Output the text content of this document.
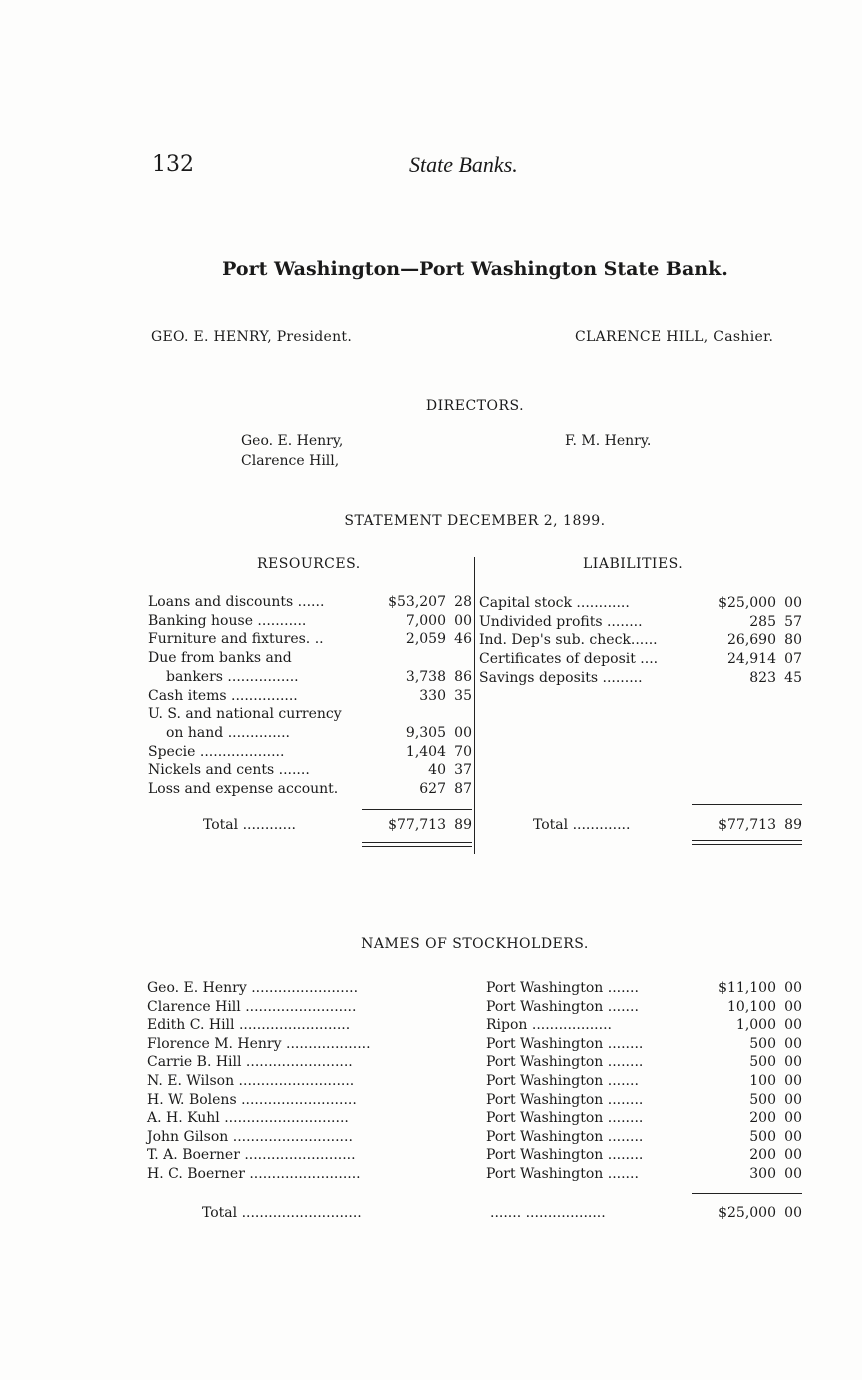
132	State Banks.
Port Washington—Port Washington State Bank.
GEO. E. HENRY, President.	CLARENCE HILL, Cashier.
DIRECTORS.
Geo. E. Henry,
Clarence Hill,
F. M. Henry.
STATEMENT DECEMBER 2, 1899.
RESOURCES.	LIABILITIES.
Loans and discounts ......	$53,207 28
Banking house ...........	7,000 00
Furniture and fixtures. ..	2,059 46
Due from banks and
bankers ................	3,738 86
Cash items ...............	330 35
U. S. and national currency
on hand ..............	9,305 00
Specie ...................	1,404 70
Nickels and cents .......	40 37
Loss and expense account.	627 87
Capital stock ............	$25,000 00
Undivided profits ........	285 57
Ind. Dep's sub. check......	26,690 80
Certificates of deposit ....	24,914 07
Savings deposits .........	823 45
Total ............	$77,713 89	Total .............	$77,713 89
NAMES OF STOCKHOLDERS.
Geo. E. Henry ........................	Port Washington .......	$11,100 00
Clarence Hill .........................	Port Washington .......	10,100 00
Edith C. Hill .........................	Ripon ..................	1,000 00
Florence M. Henry ...................	Port Washington ........	500 00
Carrie B. Hill ........................	Port Washington ........	500 00
N. E. Wilson ..........................	Port Washington .......	100 00
H. W. Bolens ..........................	Port Washington ........	500 00
A. H. Kuhl ............................	Port Washington ........	200 00
John Gilson ...........................	Port Washington ........	500 00
T. A. Boerner .........................	Port Washington ........	200 00
H. C. Boerner .........................	Port Washington .......	300 00
Total ...........................	....... ..................	$25,000 00
